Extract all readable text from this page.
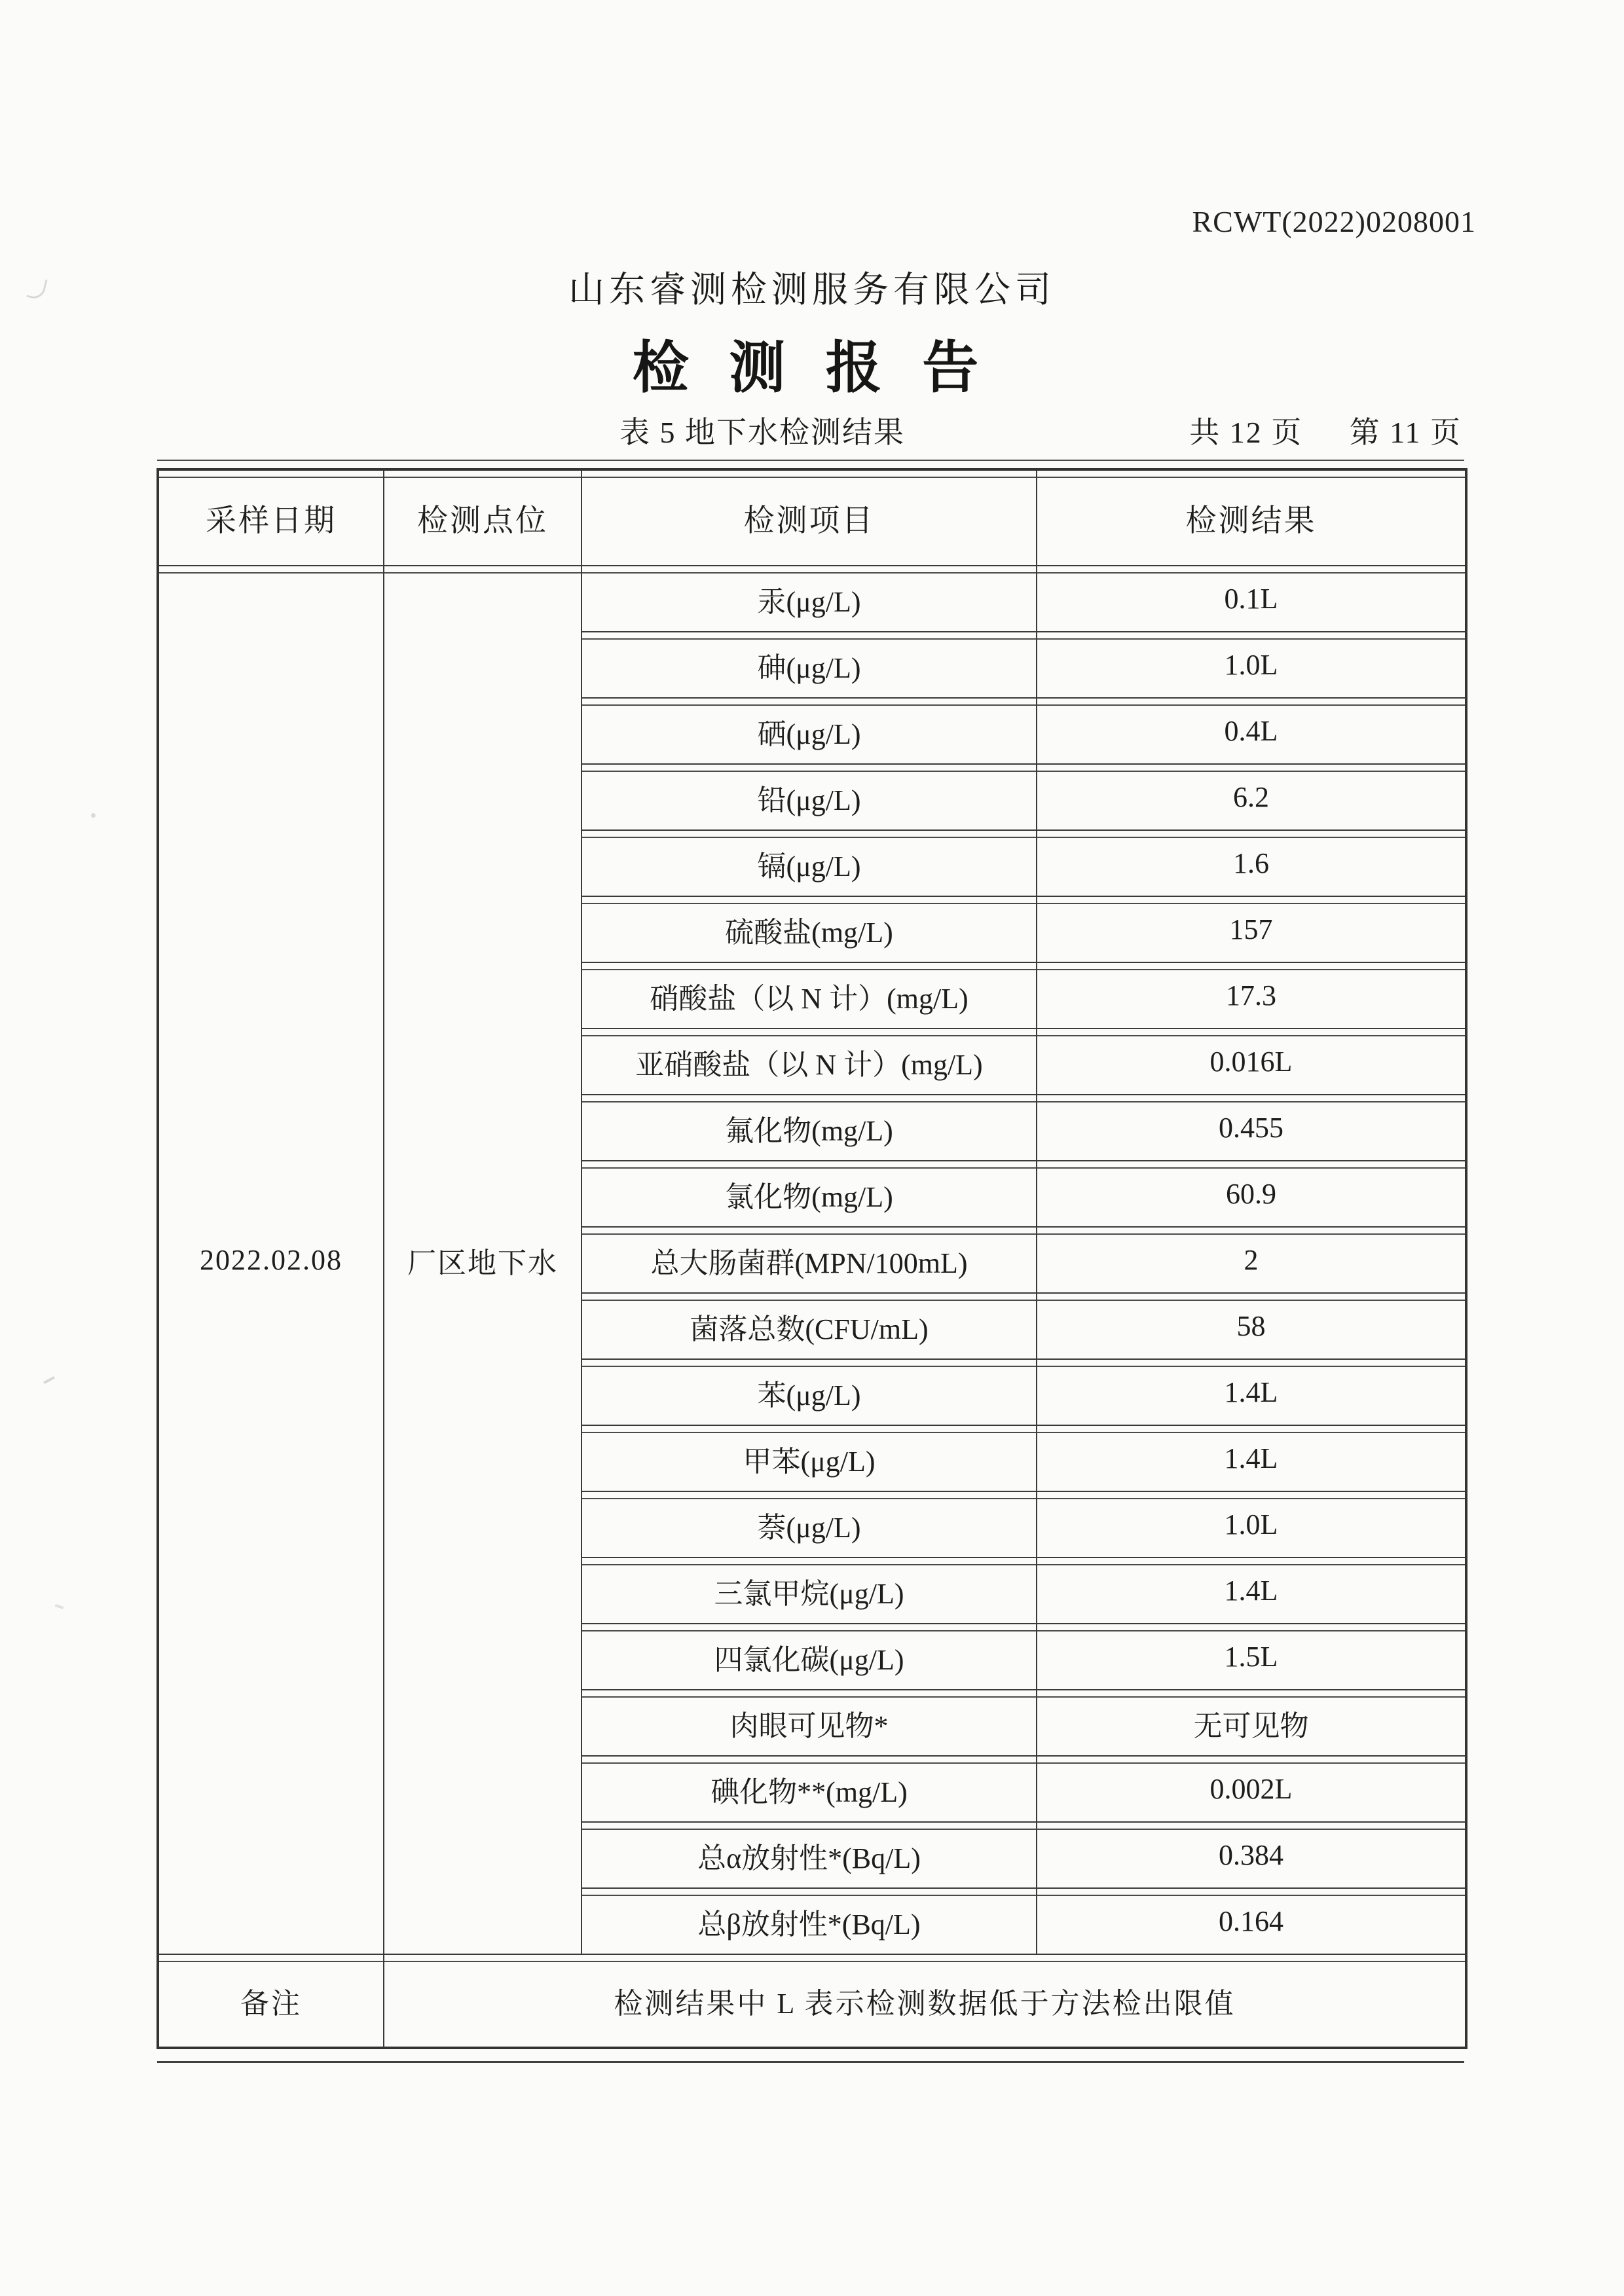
RCWT(2022)0208001
山东睿测检测服务有限公司
检 测 报 告
表 5 地下水检测结果	共 12 页 第 11 页
采样日期	检测点位	检测项目	检测结果
2022.02.08	厂区地下水	汞(μg/L)	0.1L
		砷(μg/L)	1.0L
		硒(μg/L)	0.4L
		铅(μg/L)	6.2
		镉(μg/L)	1.6
		硫酸盐(mg/L)	157
		硝酸盐（以 N 计）(mg/L)	17.3
		亚硝酸盐（以 N 计）(mg/L)	0.016L
		氟化物(mg/L)	0.455
		氯化物(mg/L)	60.9
		总大肠菌群(MPN/100mL)	2
		菌落总数(CFU/mL)	58
		苯(μg/L)	1.4L
		甲苯(μg/L)	1.4L
		萘(μg/L)	1.0L
		三氯甲烷(μg/L)	1.4L
		四氯化碳(μg/L)	1.5L
		肉眼可见物*	无可见物
		碘化物**(mg/L)	0.002L
		总α放射性*(Bq/L)	0.384
		总β放射性*(Bq/L)	0.164
备注	检测结果中 L 表示检测数据低于方法检出限值		
